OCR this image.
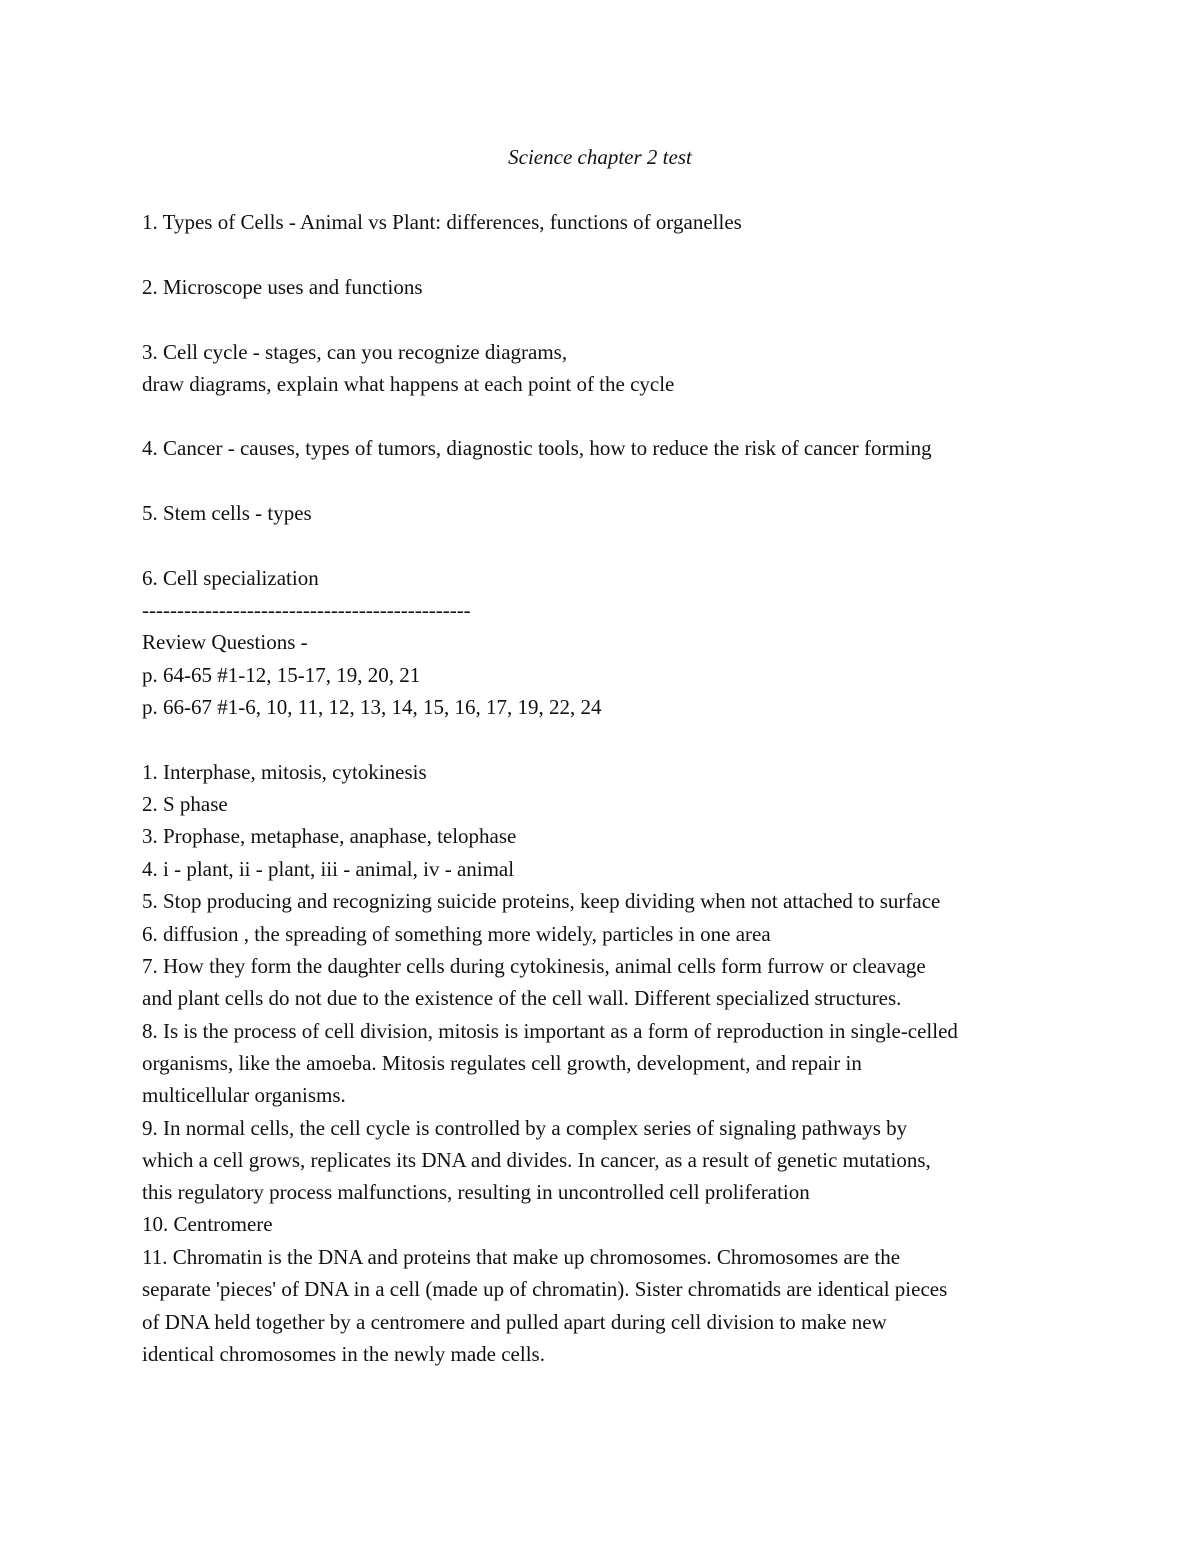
Science chapter 2 test
1. Types of Cells - Animal vs Plant: differences, functions of organelles
2. Microscope uses and functions
3. Cell cycle - stages, can you recognize diagrams,
draw diagrams, explain what happens at each point of the cycle
4. Cancer - causes, types of tumors, diagnostic tools, how to reduce the risk of cancer forming
5. Stem cells - types
6. Cell specialization
-----------------------------------------------
Review Questions -
p. 64-65 #1-12, 15-17, 19, 20, 21
p. 66-67 #1-6, 10, 11, 12, 13, 14, 15, 16, 17, 19, 22, 24
1. Interphase, mitosis, cytokinesis
2. S phase
3. Prophase, metaphase, anaphase, telophase
4. i - plant, ii - plant, iii - animal, iv - animal
5. Stop producing and recognizing suicide proteins, keep dividing when not attached to surface
6. diffusion , the spreading of something more widely, particles in one area
7. How they form the daughter cells during cytokinesis, animal cells form furrow or cleavage
and plant cells do not due to the existence of the cell wall. Different specialized structures.
8. Is is the process of cell division, mitosis is important as a form of reproduction in single-celled
organisms, like the amoeba. Mitosis regulates cell growth, development, and repair in
multicellular organisms.
9. In normal cells, the cell cycle is controlled by a complex series of signaling pathways by
which a cell grows, replicates its DNA and divides. In cancer, as a result of genetic mutations,
this regulatory process malfunctions, resulting in uncontrolled cell proliferation
10. Centromere
11. Chromatin is the DNA and proteins that make up chromosomes. Chromosomes are the
separate 'pieces' of DNA in a cell (made up of chromatin). Sister chromatids are identical pieces
of DNA held together by a centromere and pulled apart during cell division to make new
identical chromosomes in the newly made cells.
